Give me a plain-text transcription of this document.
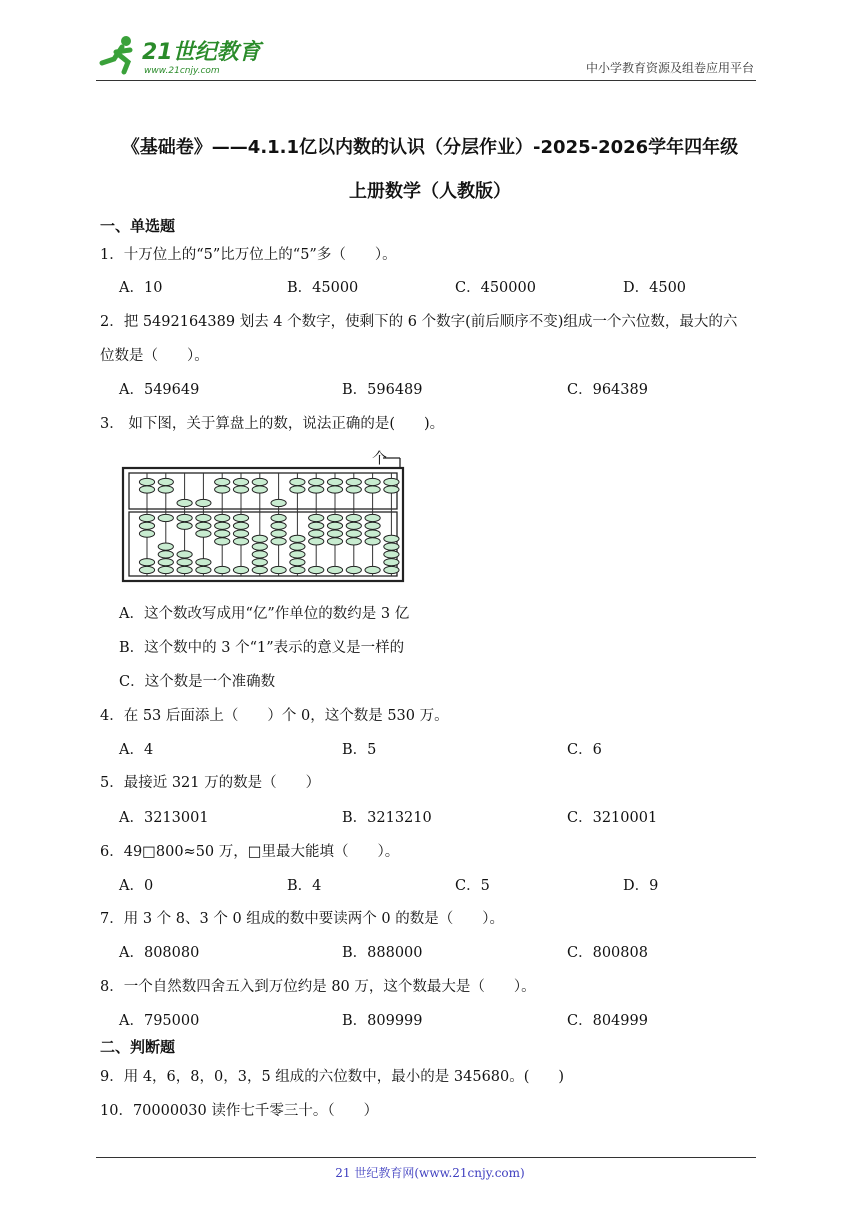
21世纪教育
www.21cnjy.com	中小学教育资源及组卷应用平台
《基础卷》——4.1.1亿以内数的认识（分层作业）-2025-2026学年四年级
上册数学（人教版）
一、单选题
1．十万位上的“5”比万位上的“5”多（　　）。
A．10	B．45000	C．450000	D．4500
2．把 5492164389 划去 4 个数字，使剩下的 6 个数字(前后顺序不变)组成一个六位数，最大的六
位数是（　　）。
A．549649	B．596489	C．964389
3． 如下图，关于算盘上的数，说法正确的是(　　)。
个
A．这个数改写成用“亿”作单位的数约是 3 亿
B．这个数中的 3 个“1”表示的意义是一样的
C．这个数是一个准确数
4．在 53 后面添上（　　）个 0，这个数是 530 万。
A．4	B．5	C．6
5．最接近 321 万的数是（　　）
A．3213001	B．3213210	C．3210001
6．49□800≈50 万，□里最大能填（　　）。
A．0	B．4	C．5	D．9
7．用 3 个 8、3 个 0 组成的数中要读两个 0 的数是（　　）。
A．808080	B．888000	C．800808
8．一个自然数四舍五入到万位约是 80 万，这个数最大是（　　）。
A．795000	B．809999	C．804999
二、判断题
9．用 4，6，8，0，3，5 组成的六位数中，最小的是 345680。(　　)
10．70000030 读作七千零三十。（　　）
21 世纪教育网(www.21cnjy.com)
